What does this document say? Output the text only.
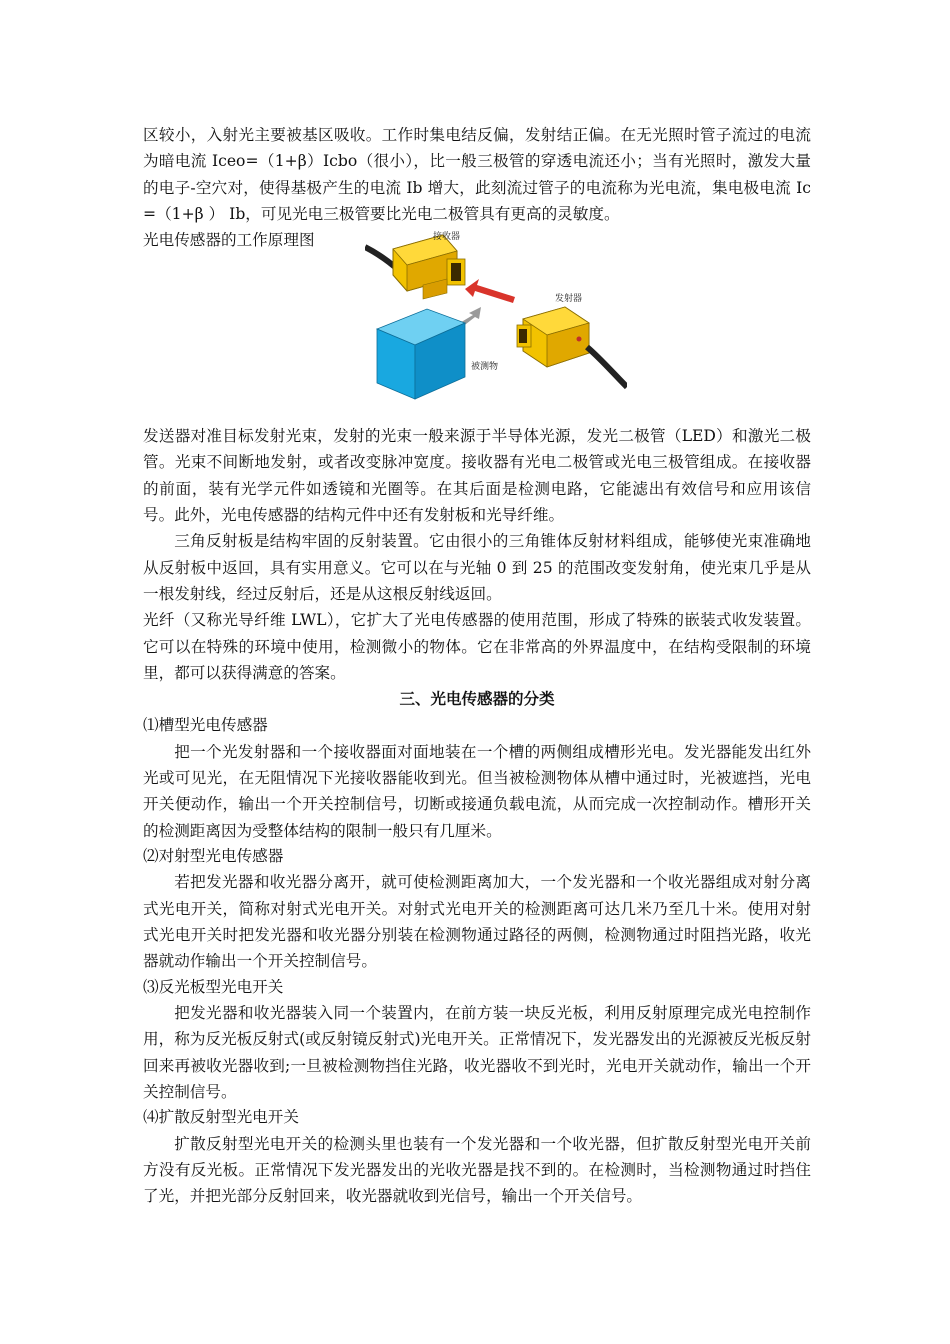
区较小，入射光主要被基区吸收。工作时集电结反偏，发射结正偏。在无光照时管子流过的电流为暗电流 Iceo=（1+β）Icbo（很小），比一般三极管的穿透电流还小；当有光照时，激发大量的电子-空穴对，使得基极产生的电流 Ib 增大，此刻流过管子的电流称为光电流，集电极电流 Ic=（1+β ） Ib，可见光电三极管要比光电二极管具有更高的灵敏度。

光电传感器的工作原理图	接收器
被测物
发射器

发送器对准目标发射光束，发射的光束一般来源于半导体光源，发光二极管（LED）和激光二极管。光束不间断地发射，或者改变脉冲宽度。接收器有光电二极管或光电三极管组成。在接收器的前面，装有光学元件如透镜和光圈等。在其后面是检测电路，它能滤出有效信号和应用该信号。此外，光电传感器的结构元件中还有发射板和光导纤维。

三角反射板是结构牢固的反射装置。它由很小的三角锥体反射材料组成，能够使光束准确地从反射板中返回，具有实用意义。它可以在与光轴 0 到 25 的范围改变发射角，使光束几乎是从一根发射线，经过反射后，还是从这根反射线返回。

光纤（又称光导纤维 LWL），它扩大了光电传感器的使用范围，形成了特殊的嵌装式收发装置。它可以在特殊的环境中使用，检测微小的物体。它在非常高的外界温度中，在结构受限制的环境里，都可以获得满意的答案。

三、光电传感器的分类
⑴槽型光电传感器

把一个光发射器和一个接收器面对面地装在一个槽的两侧组成槽形光电。发光器能发出红外光或可见光，在无阻情况下光接收器能收到光。但当被检测物体从槽中通过时，光被遮挡，光电开关便动作，输出一个开关控制信号，切断或接通负载电流，从而完成一次控制动作。槽形开关的检测距离因为受整体结构的限制一般只有几厘米。

⑵对射型光电传感器

若把发光器和收光器分离开，就可使检测距离加大，一个发光器和一个收光器组成对射分离式光电开关，简称对射式光电开关。对射式光电开关的检测距离可达几米乃至几十米。使用对射式光电开关时把发光器和收光器分别装在检测物通过路径的两侧，检测物通过时阻挡光路，收光器就动作输出一个开关控制信号。

⑶反光板型光电开关

把发光器和收光器装入同一个装置内，在前方装一块反光板，利用反射原理完成光电控制作用，称为反光板反射式(或反射镜反射式)光电开关。正常情况下，发光器发出的光源被反光板反射回来再被收光器收到;一旦被检测物挡住光路，收光器收不到光时，光电开关就动作，输出一个开关控制信号。

⑷扩散反射型光电开关

扩散反射型光电开关的检测头里也装有一个发光器和一个收光器，但扩散反射型光电开关前方没有反光板。正常情况下发光器发出的光收光器是找不到的。在检测时，当检测物通过时挡住了光，并把光部分反射回来，收光器就收到光信号，输出一个开关信号。
